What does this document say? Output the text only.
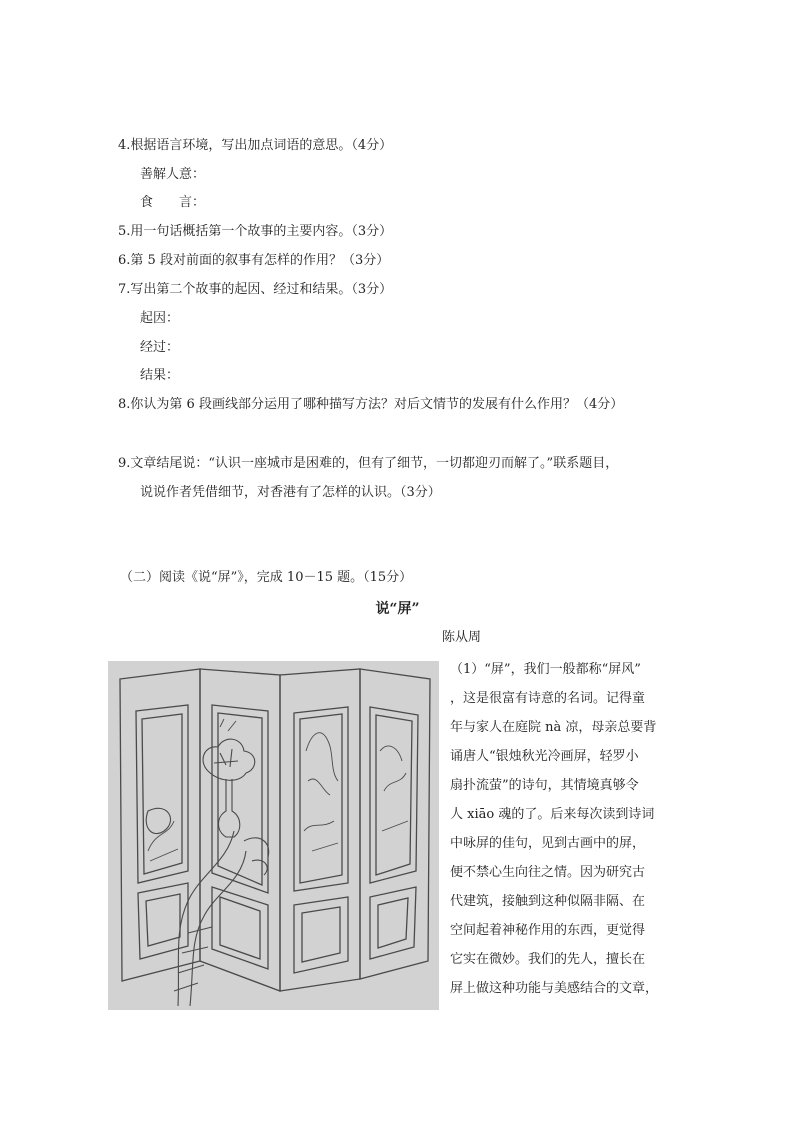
4.根据语言环境，写出加点词语的意思。（4分）
善解人意：
食　　言：
5.用一句话概括第一个故事的主要内容。（3分）
6.第 5 段对前面的叙事有怎样的作用？（3分）
7.写出第二个故事的起因、经过和结果。（3分）
起因：
经过：
结果：
8.你认为第 6 段画线部分运用了哪种描写方法？对后文情节的发展有什么作用？（4分）
9.文章结尾说：“认识一座城市是困难的，但有了细节，一切都迎刃而解了。”联系题目，
说说作者凭借细节，对香港有了怎样的认识。（3分）
（二）阅读《说“屏”》，完成 10－15 题。（15分）
说“屏”
陈从周
（1）“屏”，我们一般都称“屏风”
，这是很富有诗意的名词。记得童
年与家人在庭院 nà 凉，母亲总要背
诵唐人“银烛秋光冷画屏，轻罗小
扇扑流萤”的诗句，其情境真够令
人 xiāo 魂的了。后来每次读到诗词
中咏屏的佳句，见到古画中的屏，
便不禁心生向往之情。因为研究古
代建筑，接触到这种似隔非隔、在
空间起着神秘作用的东西，更觉得
它实在微妙。我们的先人，擅长在
屏上做这种功能与美感结合的文章，
